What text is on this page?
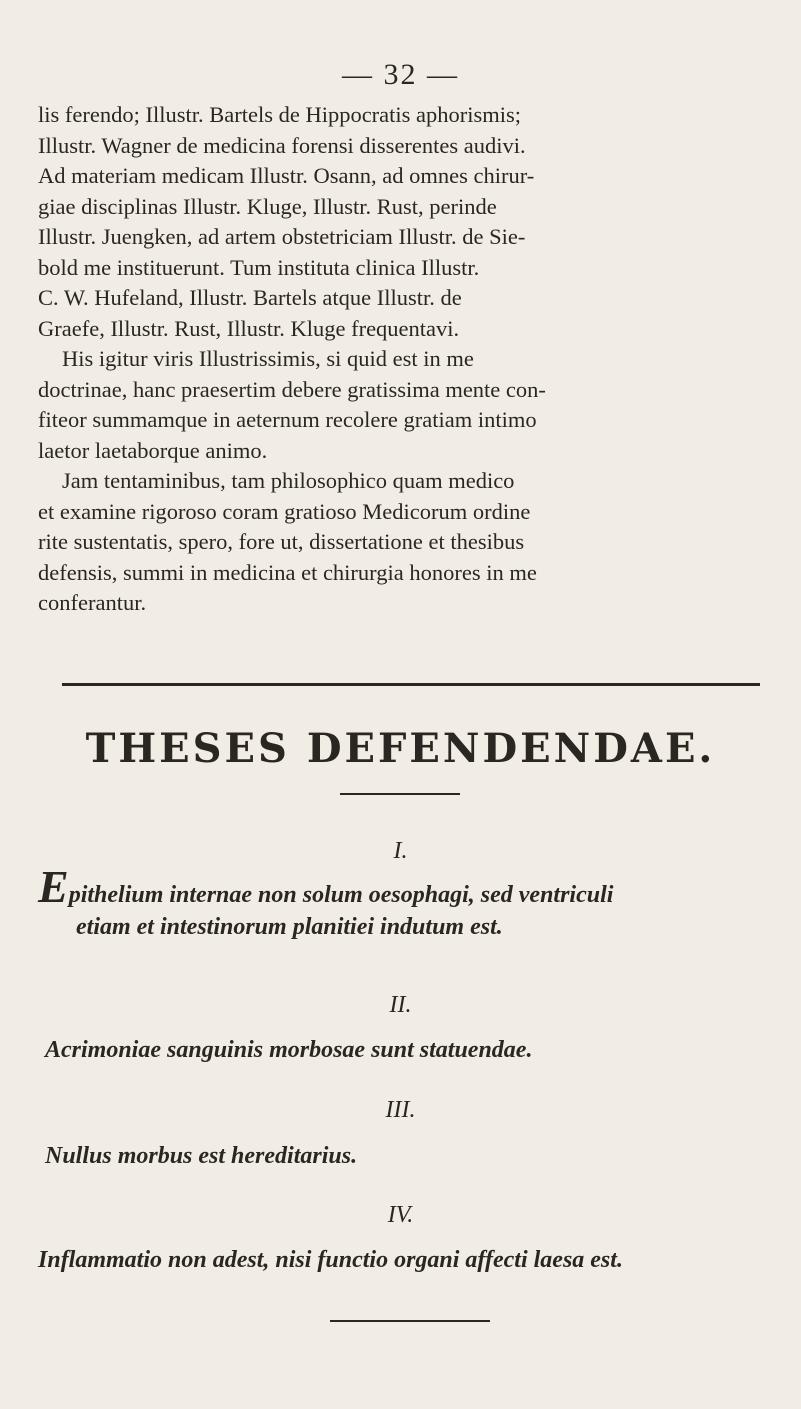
— 32 —
lis ferendo; Illustr. Bartels de Hippocratis aphorismis;
Illustr. Wagner de medicina forensi disserentes audivi.
Ad materiam medicam Illustr. Osann, ad omnes chirur-
giae disciplinas Illustr. Kluge, Illustr. Rust, perinde
Illustr. Juengken, ad artem obstetriciam Illustr. de Sie-
bold me instituerunt. Tum instituta clinica Illustr.
C. W. Hufeland, Illustr. Bartels atque Illustr. de
Graefe, Illustr. Rust, Illustr. Kluge frequentavi.
His igitur viris Illustrissimis, si quid est in me
doctrinae, hanc praesertim debere gratissima mente con-
fiteor summamque in aeternum recolere gratiam intimo
laetor laetaborque animo.
Jam tentaminibus, tam philosophico quam medico
et examine rigoroso coram gratioso Medicorum ordine
rite sustentatis, spero, fore ut, dissertatione et thesibus
defensis, summi in medicina et chirurgia honores in me
conferantur.
THESES DEFENDENDAE.
I.
Epithelium internae non solum oesophagi, sed ventriculi
etiam et intestinorum planitiei indutum est.
II.
Acrimoniae sanguinis morbosae sunt statuendae.
III.
Nullus morbus est hereditarius.
IV.
Inflammatio non adest, nisi functio organi affecti laesa est.
